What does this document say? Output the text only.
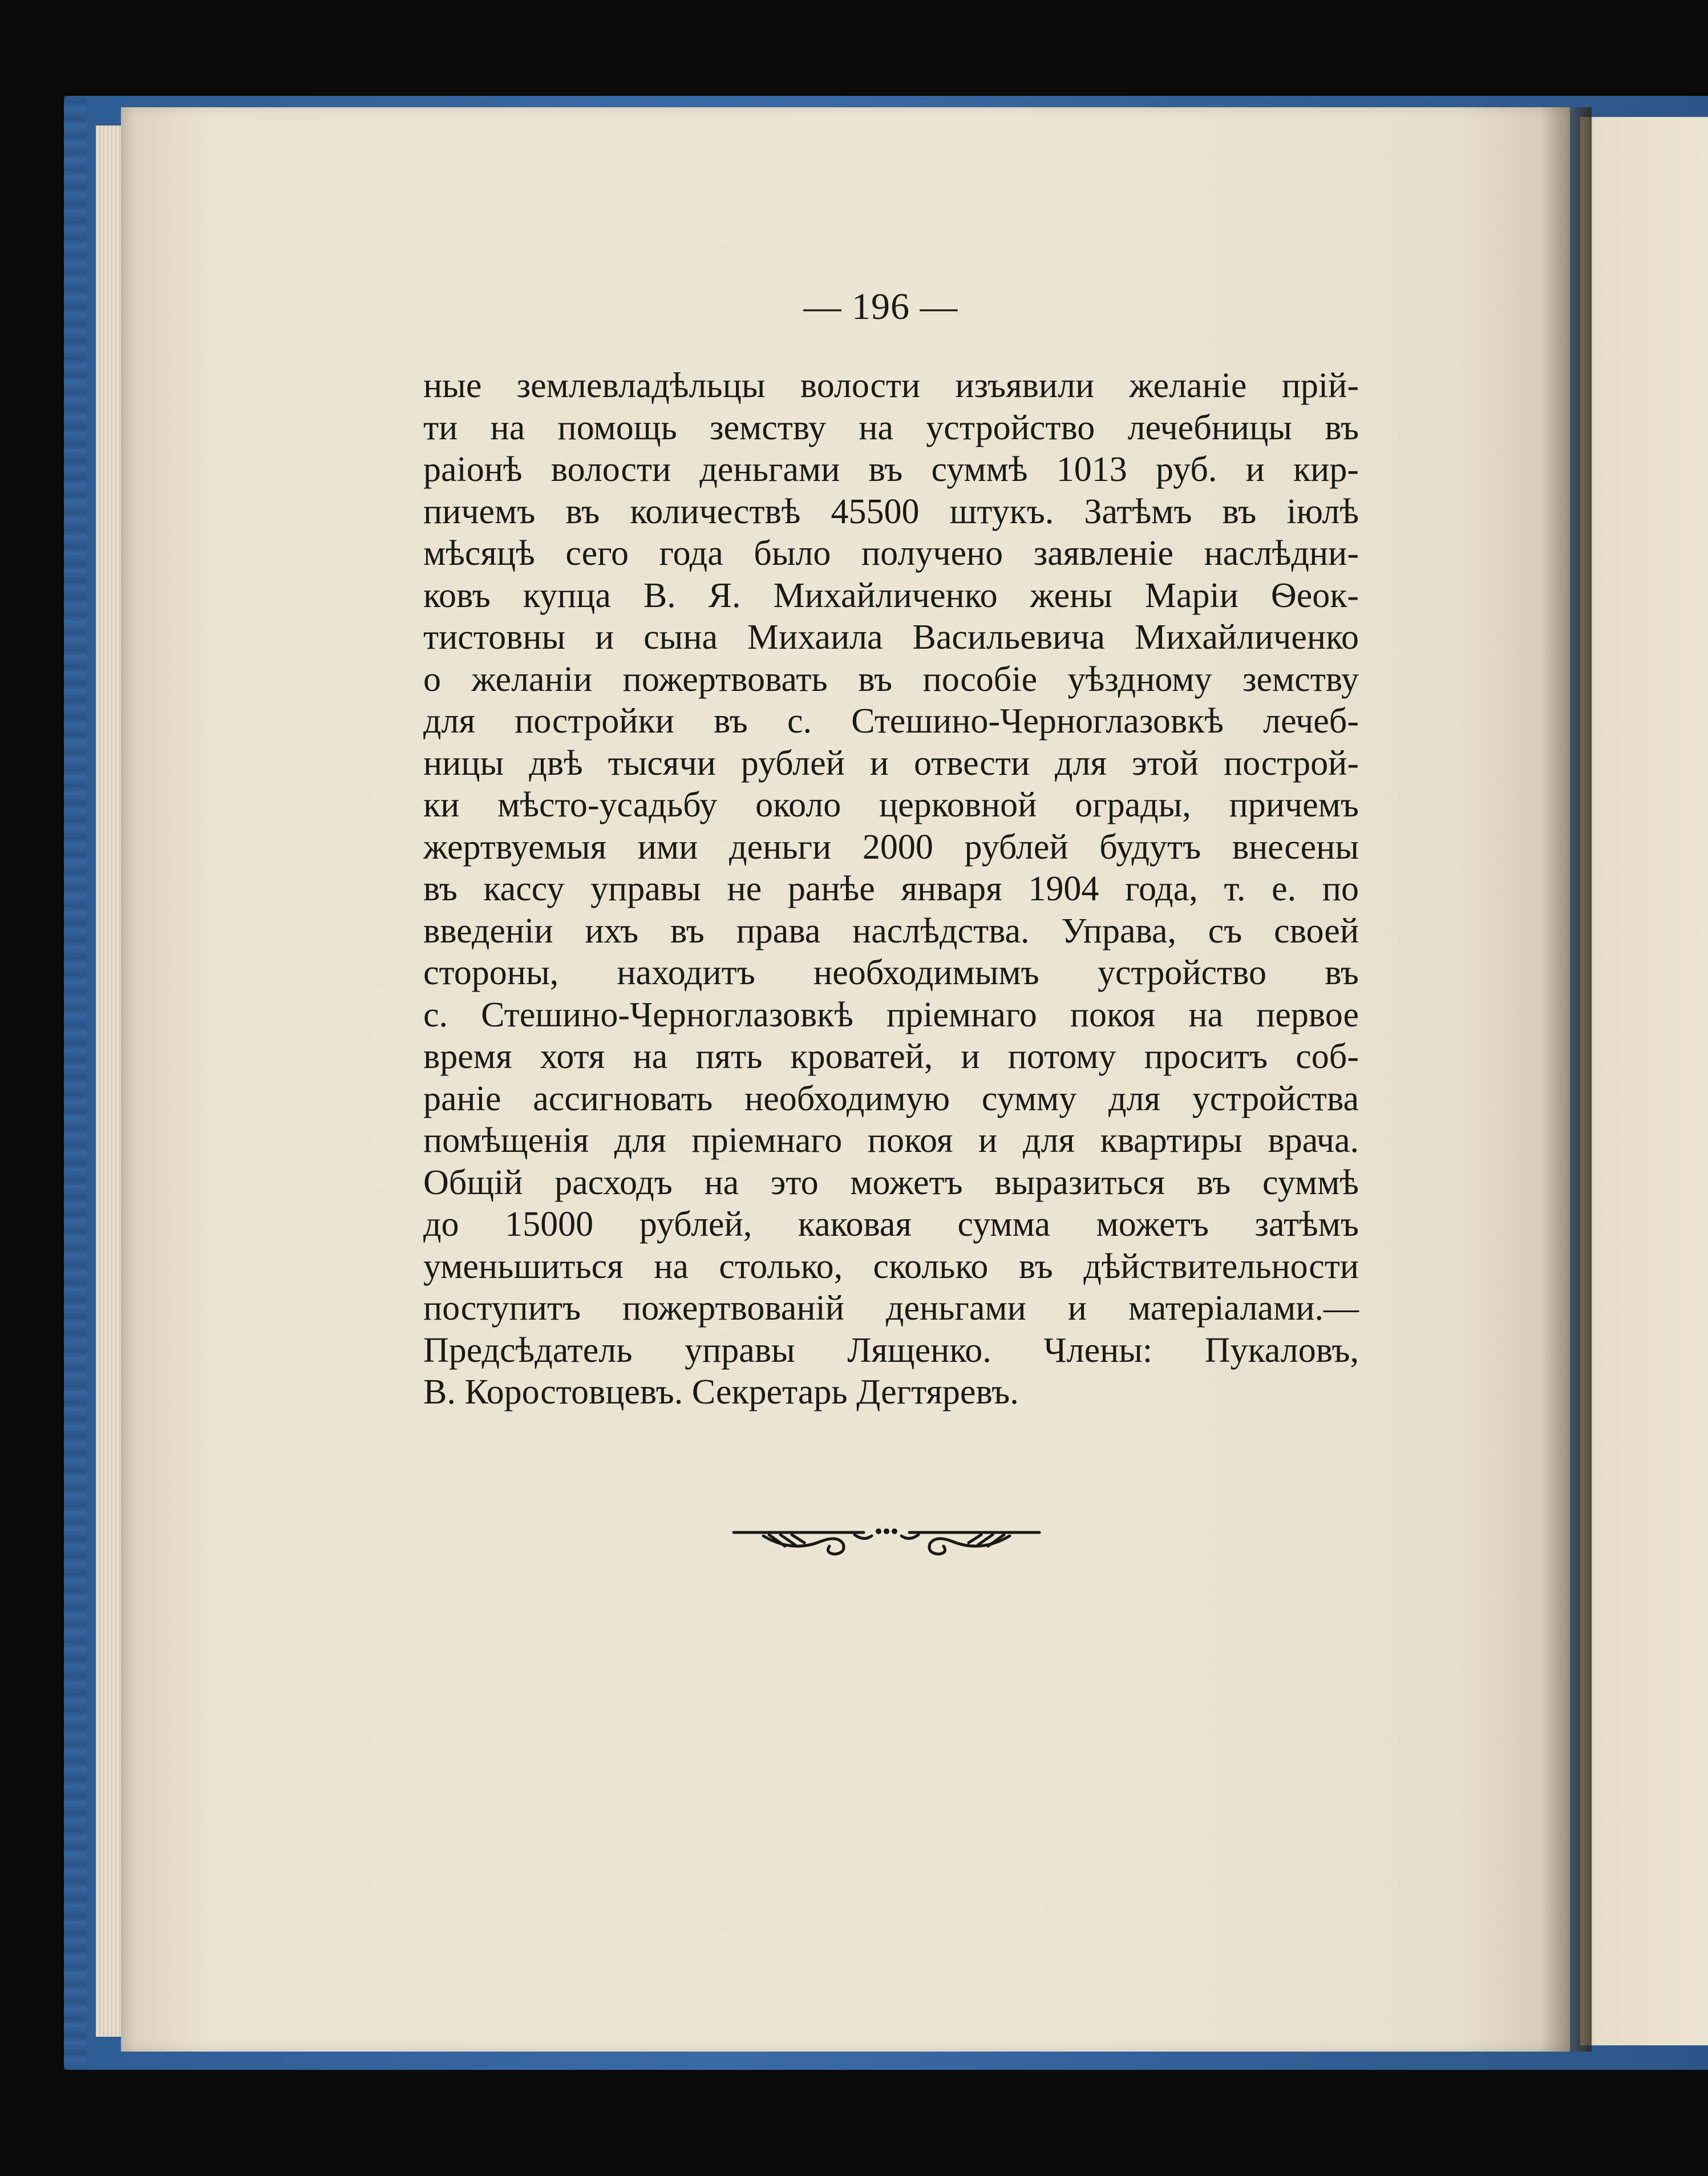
— 196 —
ные землевладѣльцы волости изъявили желаніе прій-
ти на помощь земству на устройство лечебницы въ
раіонѣ волости деньгами въ суммѣ 1013 руб. и кир-
пичемъ въ количествѣ 45500 штукъ. Затѣмъ въ іюлѣ
мѣсяцѣ сего года было получено заявленіе наслѣдни-
ковъ купца В. Я. Михайличенко жены Маріи Ѳеок-
тистовны и сына Михаила Васильевича Михайличенко
о желаніи пожертвовать въ пособіе уѣздному земству
для постройки въ с. Стешино-Черноглазовкѣ лечеб-
ницы двѣ тысячи рублей и отвести для этой построй-
ки мѣсто-усадьбу около церковной ограды, причемъ
жертвуемыя ими деньги 2000 рублей будутъ внесены
въ кассу управы не ранѣе января 1904 года, т. е. по
введеніи ихъ въ права наслѣдства. Управа, съ своей
стороны, находитъ необходимымъ устройство въ
с. Стешино-Черноглазовкѣ пріемнаго покоя на первое
время хотя на пять кроватей, и потому проситъ соб-
раніе ассигновать необходимую сумму для устройства
помѣщенія для пріемнаго покоя и для квартиры врача.
Общій расходъ на это можетъ выразиться въ суммѣ
до 15000 рублей, каковая сумма можетъ затѣмъ
уменьшиться на столько, сколько въ дѣйствительности
поступитъ пожертвованій деньгами и матеріалами.—
Предсѣдатель управы Лященко. Члены: Пукаловъ,
В. Коростовцевъ. Секретарь Дегтяревъ.
